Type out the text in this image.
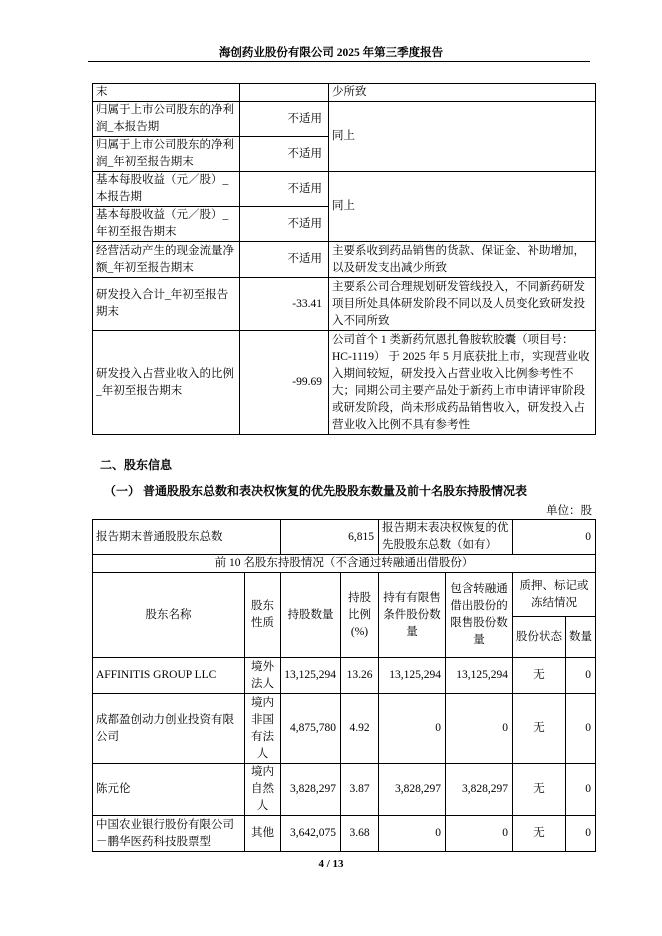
海创药业股份有限公司 2025 年第三季度报告
末		少所致
归属于上市公司股东的净利润_本报告期	不适用	同上
归属于上市公司股东的净利润_年初至报告期末	不适用	
基本每股收益（元／股）_本报告期	不适用	同上
基本每股收益（元／股）_年初至报告期末	不适用	
经营活动产生的现金流量净额_年初至报告期末	不适用	主要系收到药品销售的货款、保证金、补助增加，以及研发支出减少所致
研发投入合计_年初至报告期末	-33.41	主要系公司合理规划研发管线投入，不同新药研发项目所处具体研发阶段不同以及人员变化致研发投入不同所致
研发投入占营业收入的比例_年初至报告期末	-99.69	公司首个 1 类新药氘恩扎鲁胺软胶囊（项目号：HC-1119） 于 2025 年 5 月底获批上市，实现营业收入期间较短，研发投入占营业收入比例参考性不大；同期公司主要产品处于新药上市申请评审阶段或研发阶段，尚未形成药品销售收入，研发投入占营业收入比例不具有参考性
二、股东信息
（一） 普通股股东总数和表决权恢复的优先股股东数量及前十名股东持股情况表
单位：股
报告期末普通股股东总数		6,815		报告期末表决权恢复的优先股股东总数（如有）		0	
前 10 名股东持股情况（不含通过转融通出借股份）							
股东名称	股东性质	持股数量	持股比例(%)	持有有限售条件股份数量	包含转融通借出股份的限售股份数量	质押、标记或冻结情况	
						股份状态	数量
AFFINITIS GROUP LLC	境外法人	13,125,294	13.26	13,125,294	13,125,294	无	0
成都盈创动力创业投资有限公司	境内非国有法人	4,875,780	4.92	0	0	无	0
陈元伦	境内自然人	3,828,297	3.87	3,828,297	3,828,297	无	0
中国农业银行股份有限公司－鹏华医药科技股票型	其他	3,642,075	3.68	0	0	无	0
4 / 13
